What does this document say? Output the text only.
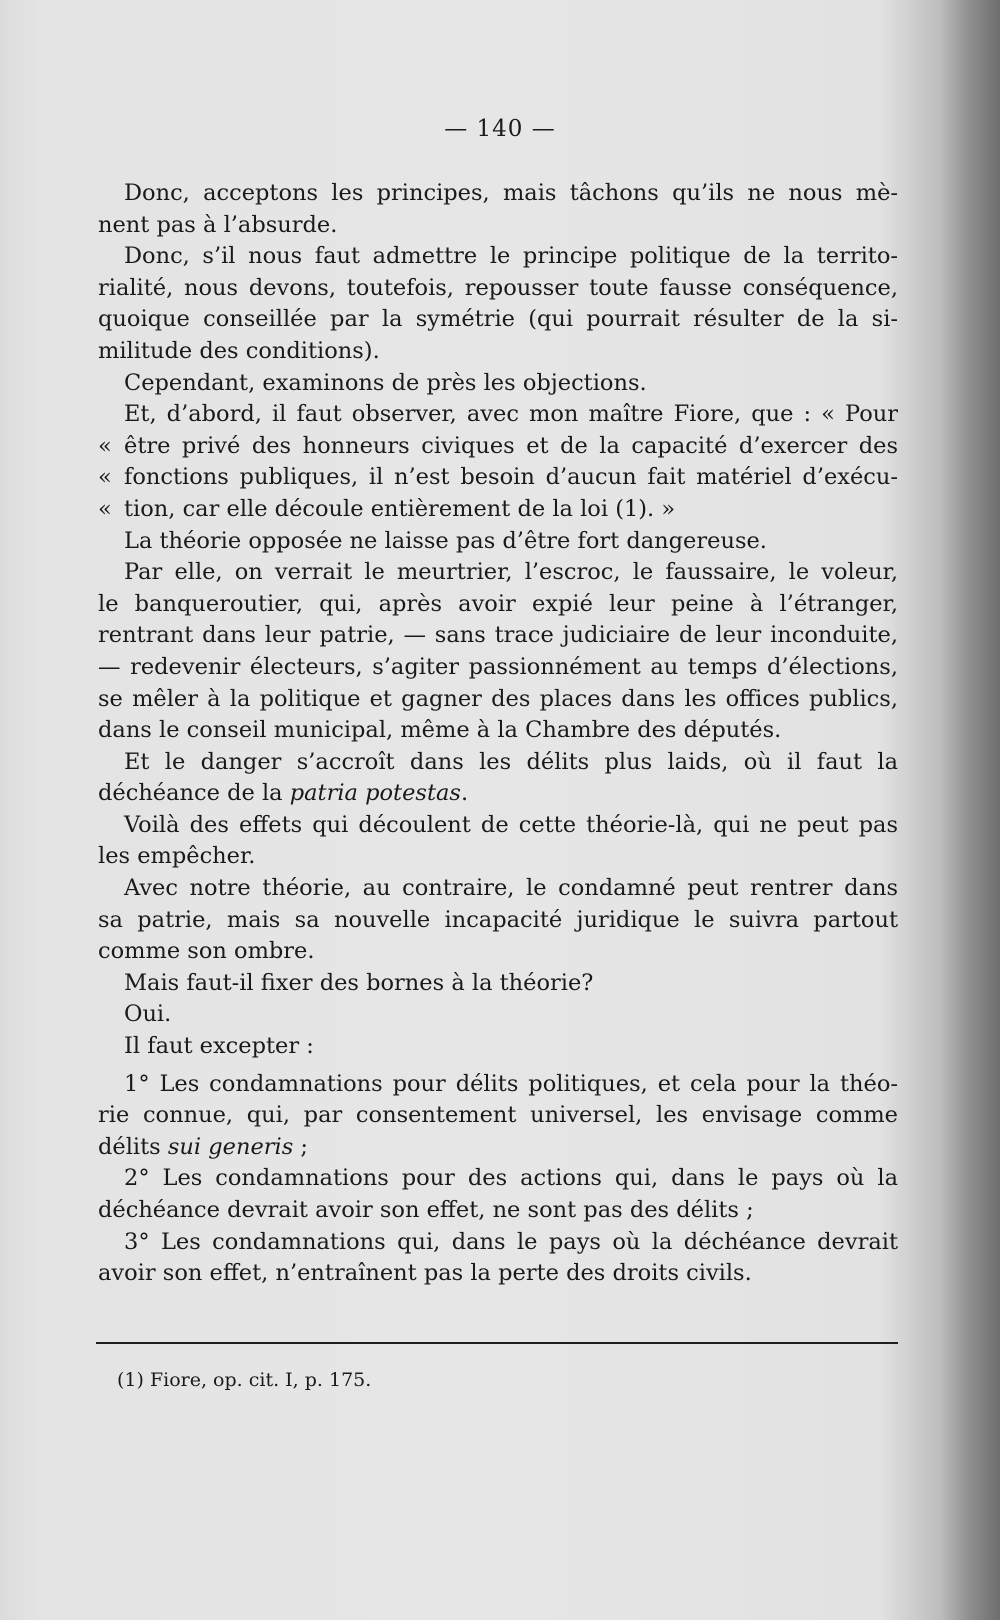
— 140 —
Donc, acceptons les principes, mais tâchons qu’ils ne nous mè-
nent pas à l’absurde.
Donc, s’il nous faut admettre le principe politique de la territo-
rialité, nous devons, toutefois, repousser toute fausse conséquence,
quoique conseillée par la symétrie (qui pourrait résulter de la si-
militude des conditions).
Cependant, examinons de près les objections.
Et, d’abord, il faut observer, avec mon maître Fiore, que : « Pour
« être privé des honneurs civiques et de la capacité d’exercer des
« fonctions publiques, il n’est besoin d’aucun fait matériel d’exécu-
« tion, car elle découle entièrement de la loi (1). »
La théorie opposée ne laisse pas d’être fort dangereuse.
Par elle, on verrait le meurtrier, l’escroc, le faussaire, le voleur,
le banqueroutier, qui, après avoir expié leur peine à l’étranger,
rentrant dans leur patrie, — sans trace judiciaire de leur inconduite,
— redevenir électeurs, s’agiter passionnément au temps d’élections,
se mêler à la politique et gagner des places dans les offices publics,
dans le conseil municipal, même à la Chambre des députés.
Et le danger s’accroît dans les délits plus laids, où il faut la
déchéance de la patria potestas.
Voilà des effets qui découlent de cette théorie-là, qui ne peut pas
les empêcher.
Avec notre théorie, au contraire, le condamné peut rentrer dans
sa patrie, mais sa nouvelle incapacité juridique le suivra partout
comme son ombre.
Mais faut-il fixer des bornes à la théorie?
Oui.
Il faut excepter :
1° Les condamnations pour délits politiques, et cela pour la théo-
rie connue, qui, par consentement universel, les envisage comme
délits sui generis ;
2° Les condamnations pour des actions qui, dans le pays où la
déchéance devrait avoir son effet, ne sont pas des délits ;
3° Les condamnations qui, dans le pays où la déchéance devrait
avoir son effet, n’entraînent pas la perte des droits civils.
(1) Fiore, op. cit. I, p. 175.
